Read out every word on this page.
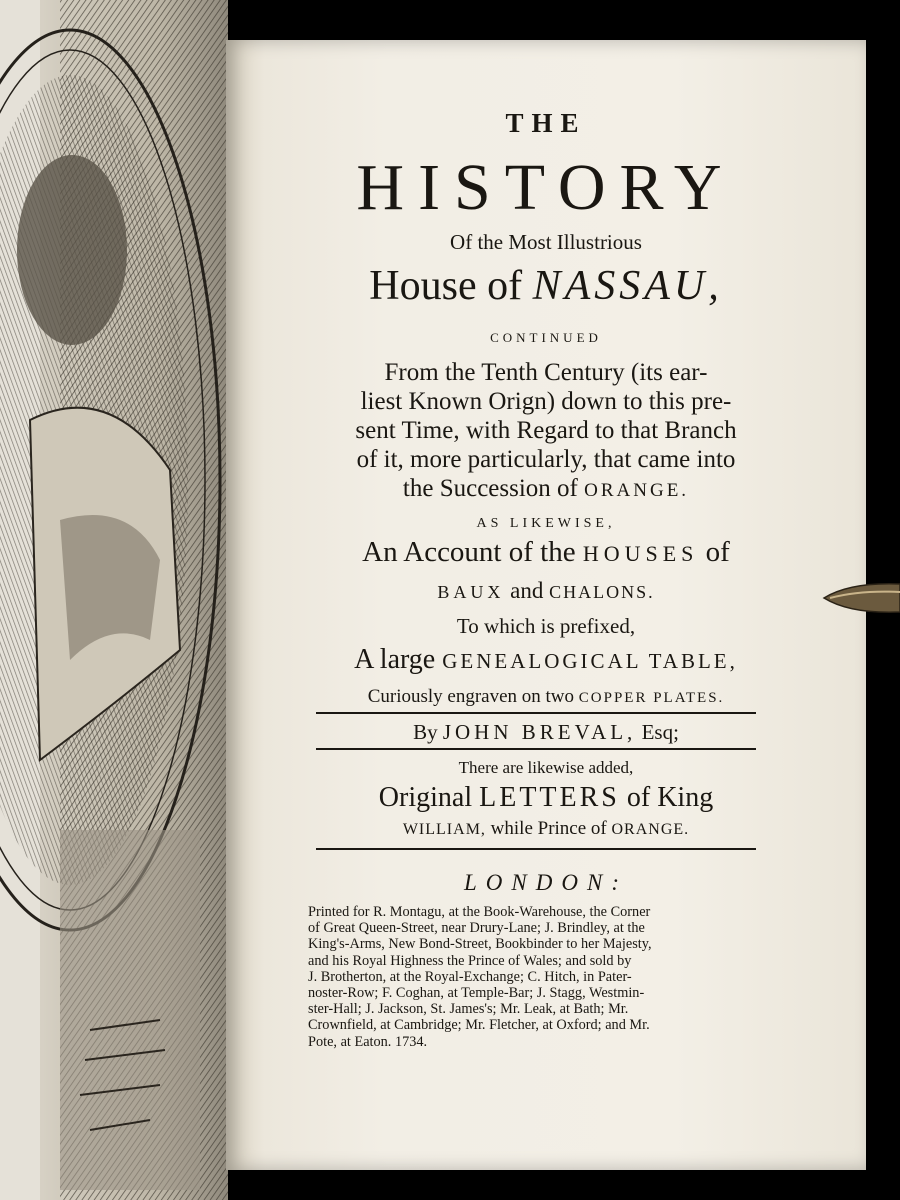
THE

HISTORY

Of the Most Illustrious

House of NASSAU,

CONTINUED

From the Tenth Century (its ear-

liest Known Orign) down to this pre-

sent Time, with Regard to that Branch

of it, more particularly, that came into

the Succession of ORANGE.

AS LIKEWISE,

An Account of the HOUSES of

BAUX and CHALONS.

To which is prefixed,

A large GENEALOGICAL TABLE,

Curiously engraven on two COPPER PLATES.

By JOHN BREVAL, Esq;

There are likewise added,

Original LETTERS of King

WILLIAM, while Prince of ORANGE.

LONDON:

Printed for R. Montagu, at the Book-Warehouse, the Corner
of Great Queen-Street, near Drury-Lane; J. Brindley, at the
King's-Arms, New Bond-Street, Bookbinder to her Majesty,
and his Royal Highness the Prince of Wales; and sold by
J. Brotherton, at the Royal-Exchange; C. Hitch, in Pater-
noster-Row; F. Coghan, at Temple-Bar; J. Stagg, Westmin-
ster-Hall; J. Jackson, St. James's; Mr. Leak, at Bath; Mr.
Crownfield, at Cambridge; Mr. Fletcher, at Oxford; and Mr.
Pote, at Eaton. 1734.
